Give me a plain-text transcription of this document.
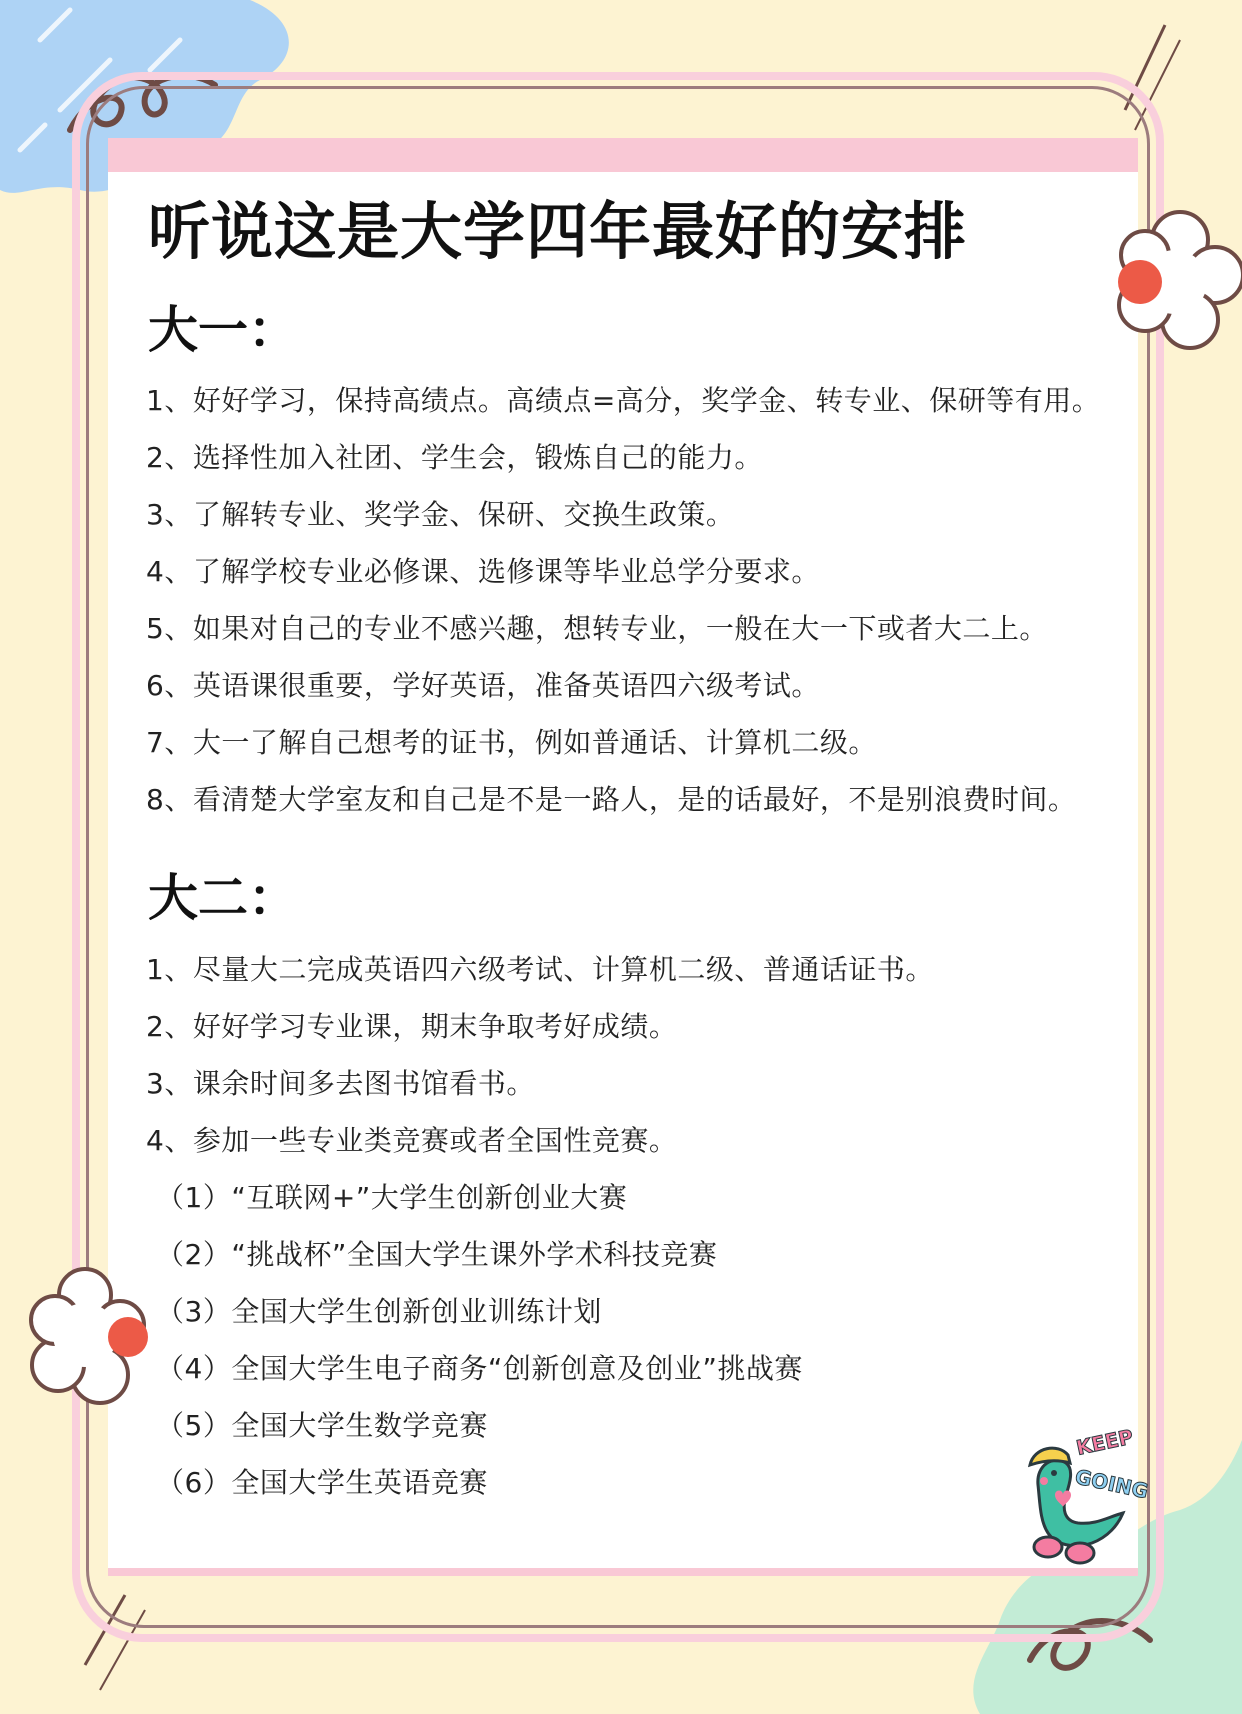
听说这是大学四年最好的安排
大一：
1、好好学习，保持高绩点。高绩点=高分，奖学金、转专业、保研等有用。
2、选择性加入社团、学生会，锻炼自己的能力。
3、了解转专业、奖学金、保研、交换生政策。
4、了解学校专业必修课、选修课等毕业总学分要求。
5、如果对自己的专业不感兴趣，想转专业，一般在大一下或者大二上。
6、英语课很重要，学好英语，准备英语四六级考试。
7、大一了解自己想考的证书，例如普通话、计算机二级。
8、看清楚大学室友和自己是不是一路人，是的话最好，不是别浪费时间。
大二：
1、尽量大二完成英语四六级考试、计算机二级、普通话证书。
2、好好学习专业课，期末争取考好成绩。
3、课余时间多去图书馆看书。
4、参加一些专业类竞赛或者全国性竞赛。
（1）“互联网+”大学生创新创业大赛
（2）“挑战杯”全国大学生课外学术科技竞赛
（3）全国大学生创新创业训练计划
（4）全国大学生电子商务“创新创意及创业”挑战赛
（5）全国大学生数学竞赛
（6）全国大学生英语竞赛
KEEP
GOING
